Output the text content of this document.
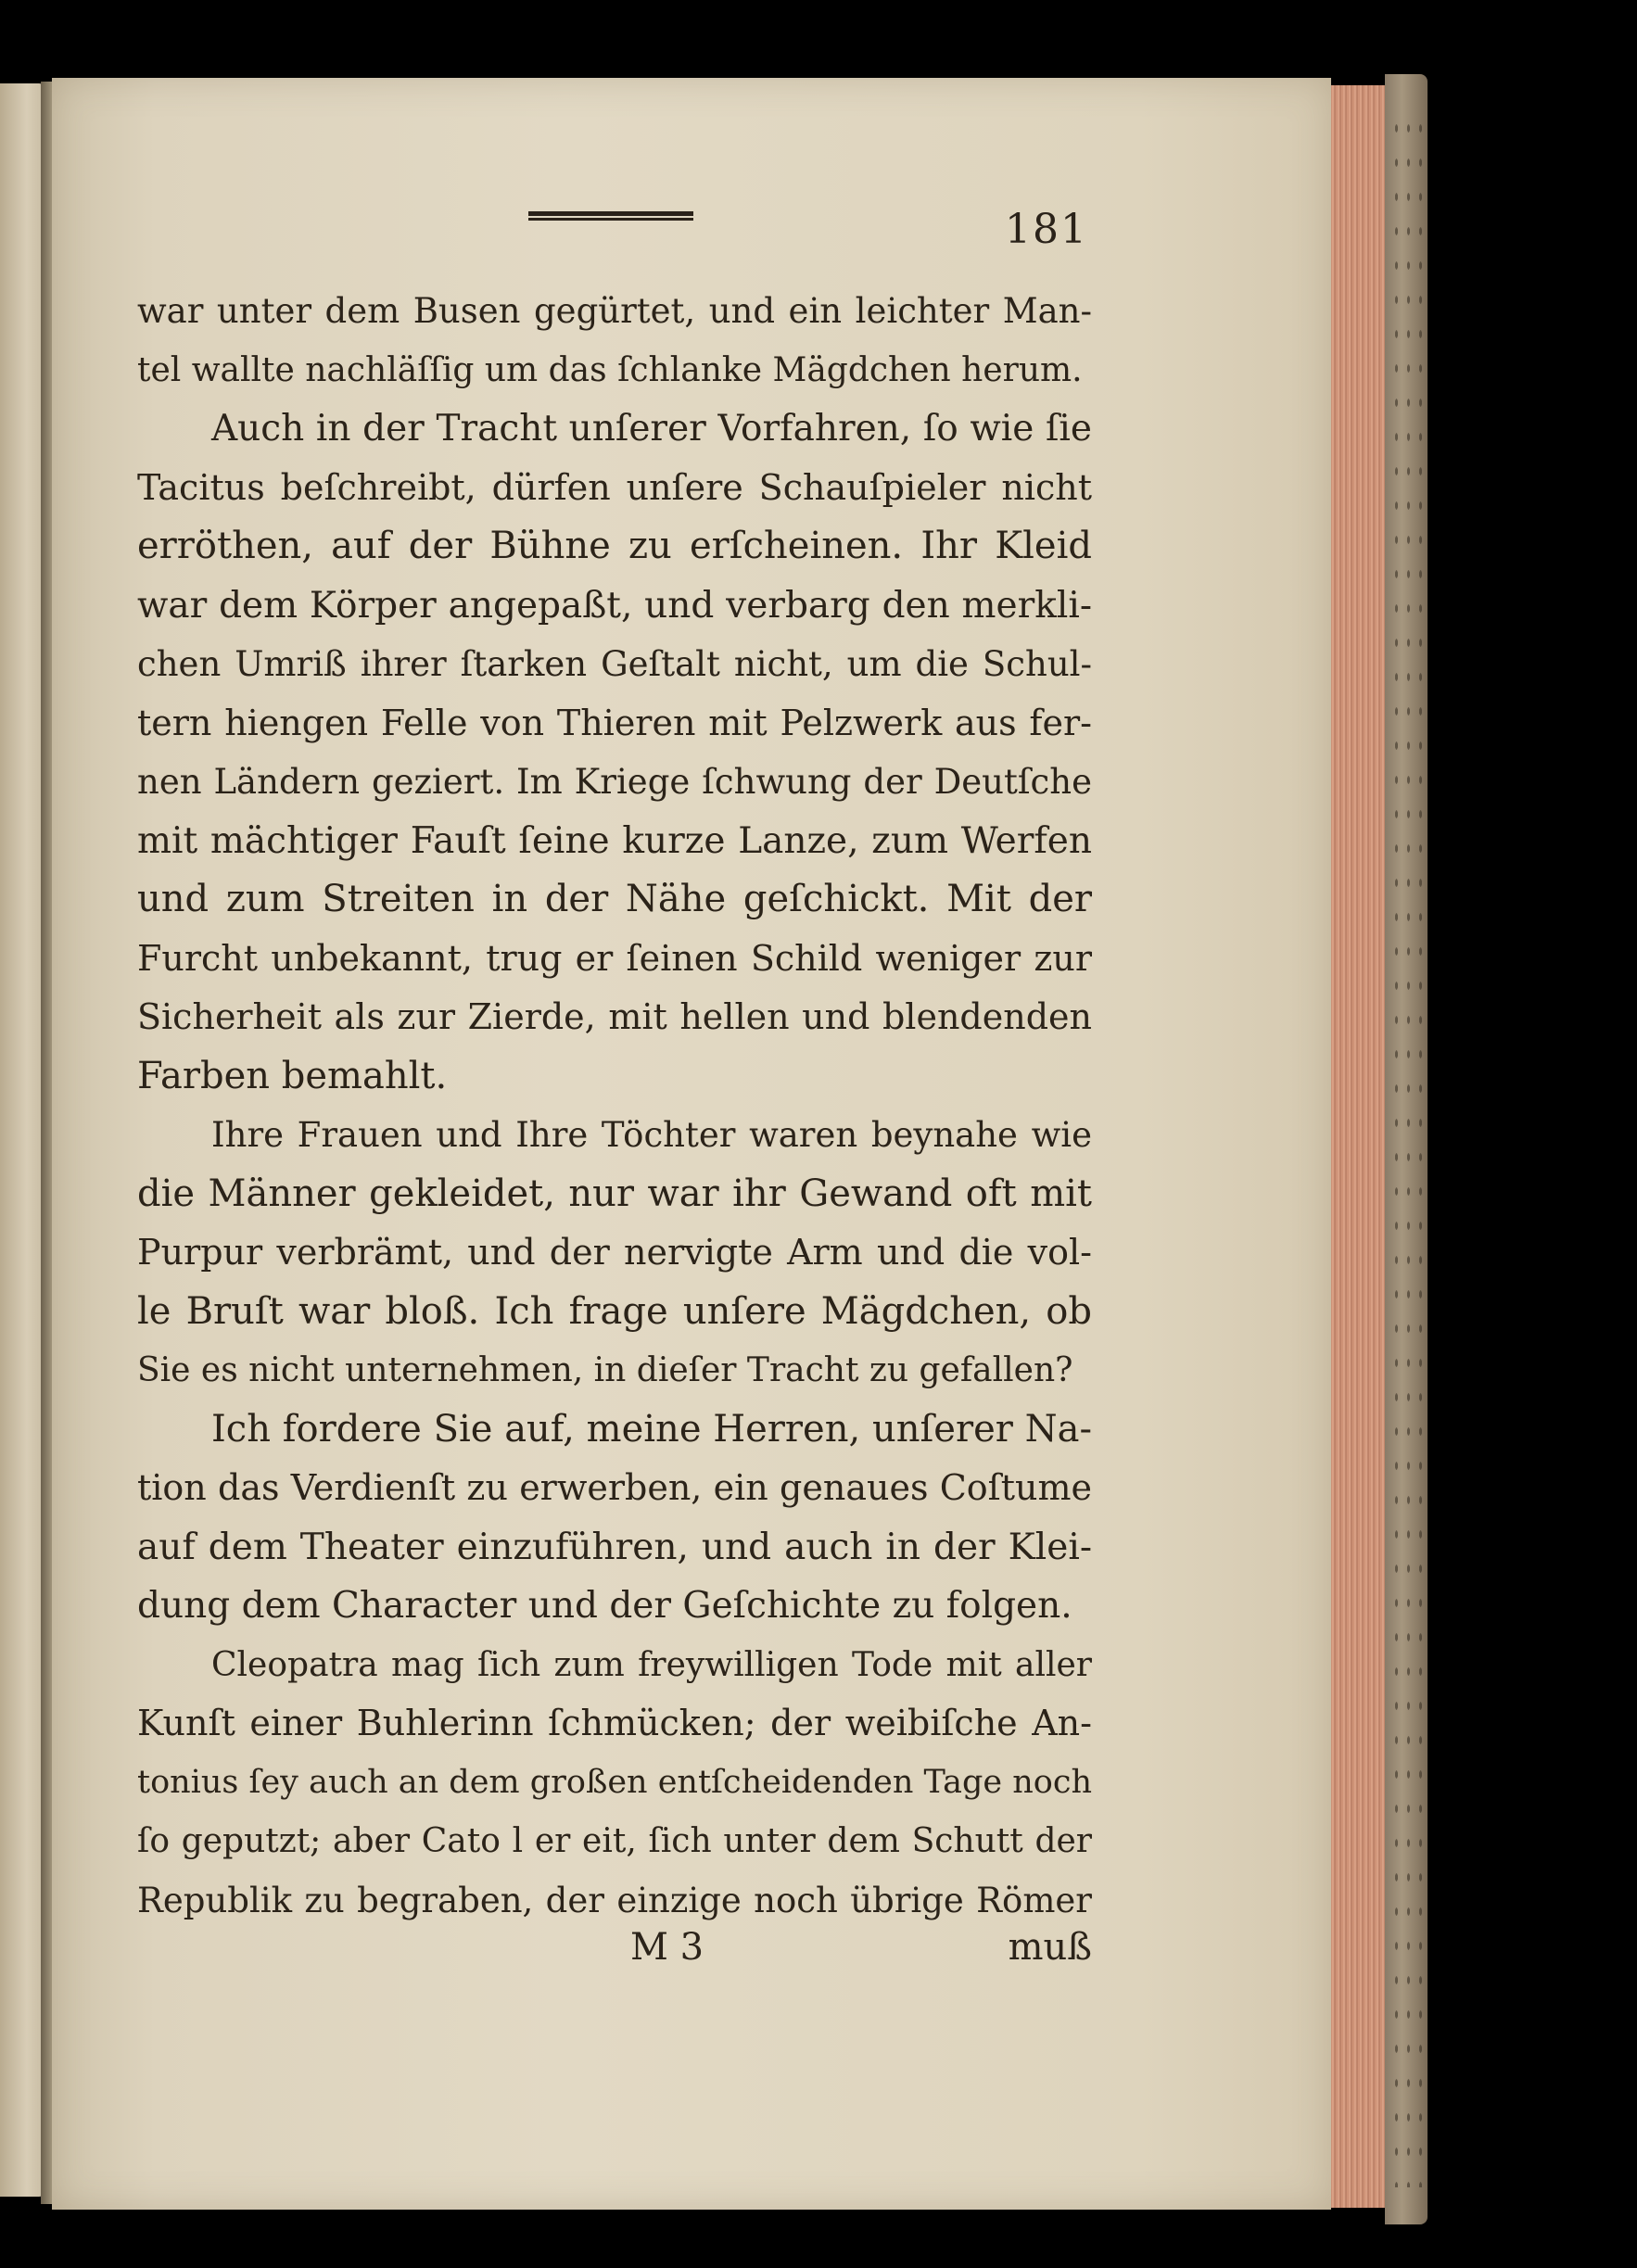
181
war unter dem Busen gegürtet, und ein leichter Man-
tel wallte nachläſſig um das ſchlanke Mägdchen herum.
Auch in der Tracht unſerer Vorfahren, ſo wie ſie
Tacitus beſchreibt, dürfen unſere Schauſpieler nicht
erröthen, auf der Bühne zu erſcheinen. Ihr Kleid
war dem Körper angepaßt, und verbarg den merkli-
chen Umriß ihrer ſtarken Geſtalt nicht, um die Schul-
tern hiengen Felle von Thieren mit Pelzwerk aus fer-
nen Ländern geziert. Im Kriege ſchwung der Deutſche
mit mächtiger Fauſt ſeine kurze Lanze, zum Werfen
und zum Streiten in der Nähe geſchickt. Mit der
Furcht unbekannt, trug er ſeinen Schild weniger zur
Sicherheit als zur Zierde, mit hellen und blendenden
Farben bemahlt.
Ihre Frauen und Ihre Töchter waren beynahe wie
die Männer gekleidet, nur war ihr Gewand oft mit
Purpur verbrämt, und der nervigte Arm und die vol-
le Bruſt war bloß. Ich frage unſere Mägdchen, ob
Sie es nicht unternehmen, in dieſer Tracht zu gefallen?
Ich fordere Sie auf, meine Herren, unſerer Na-
tion das Verdienſt zu erwerben, ein genaues Coſtume
auf dem Theater einzuführen, und auch in der Klei-
dung dem Character und der Geſchichte zu folgen.
Cleopatra mag ſich zum freywilligen Tode mit aller
Kunſt einer Buhlerinn ſchmücken; der weibiſche An-
tonius ſey auch an dem großen entſcheidenden Tage noch
ſo geputzt; aber Cato l er eit, ſich unter dem Schutt der
Republik zu begraben, der einzige noch übrige Römer
M 3	muß
